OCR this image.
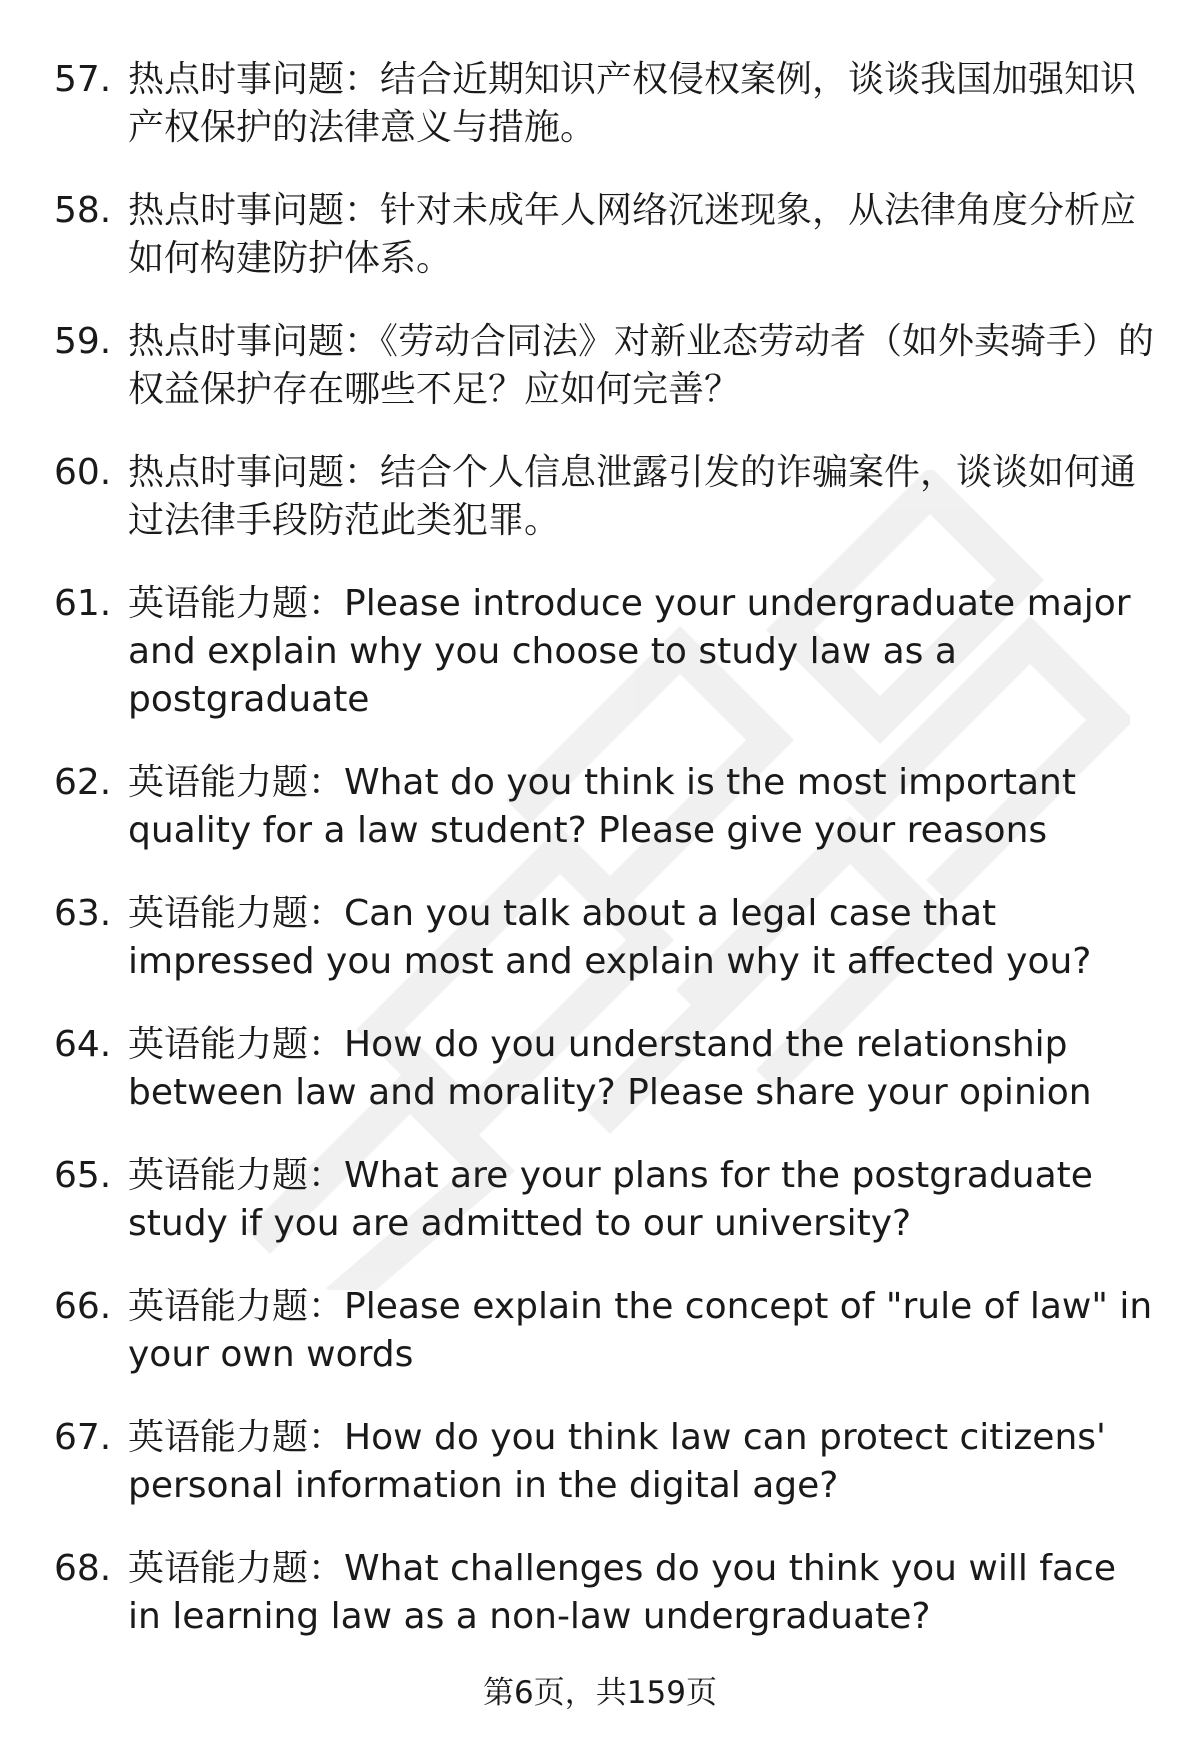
57. 热点时事问题：结合近期知识产权侵权案例，谈谈我国加强知识产权保护的法律意义与措施。
58. 热点时事问题：针对未成年人网络沉迷现象，从法律角度分析应如何构建防护体系。
59. 热点时事问题：《劳动合同法》对新业态劳动者（如外卖骑手）的权益保护存在哪些不足？应如何完善？
60. 热点时事问题：结合个人信息泄露引发的诈骗案件，谈谈如何通过法律手段防范此类犯罪。
61. 英语能力题：Please introduce your undergraduate major and explain why you choose to study law as a postgraduate
62. 英语能力题：What do you think is the most important quality for a law student? Please give your reasons
63. 英语能力题：Can you talk about a legal case that impressed you most and explain why it affected you?
64. 英语能力题：How do you understand the relationship between law and morality? Please share your opinion
65. 英语能力题：What are your plans for the postgraduate study if you are admitted to our university?
66. 英语能力题：Please explain the concept of "rule of law" in your own words
67. 英语能力题：How do you think law can protect citizens' personal information in the digital age?
68. 英语能力题：What challenges do you think you will face in learning law as a non-law undergraduate?
第6页，共159页
